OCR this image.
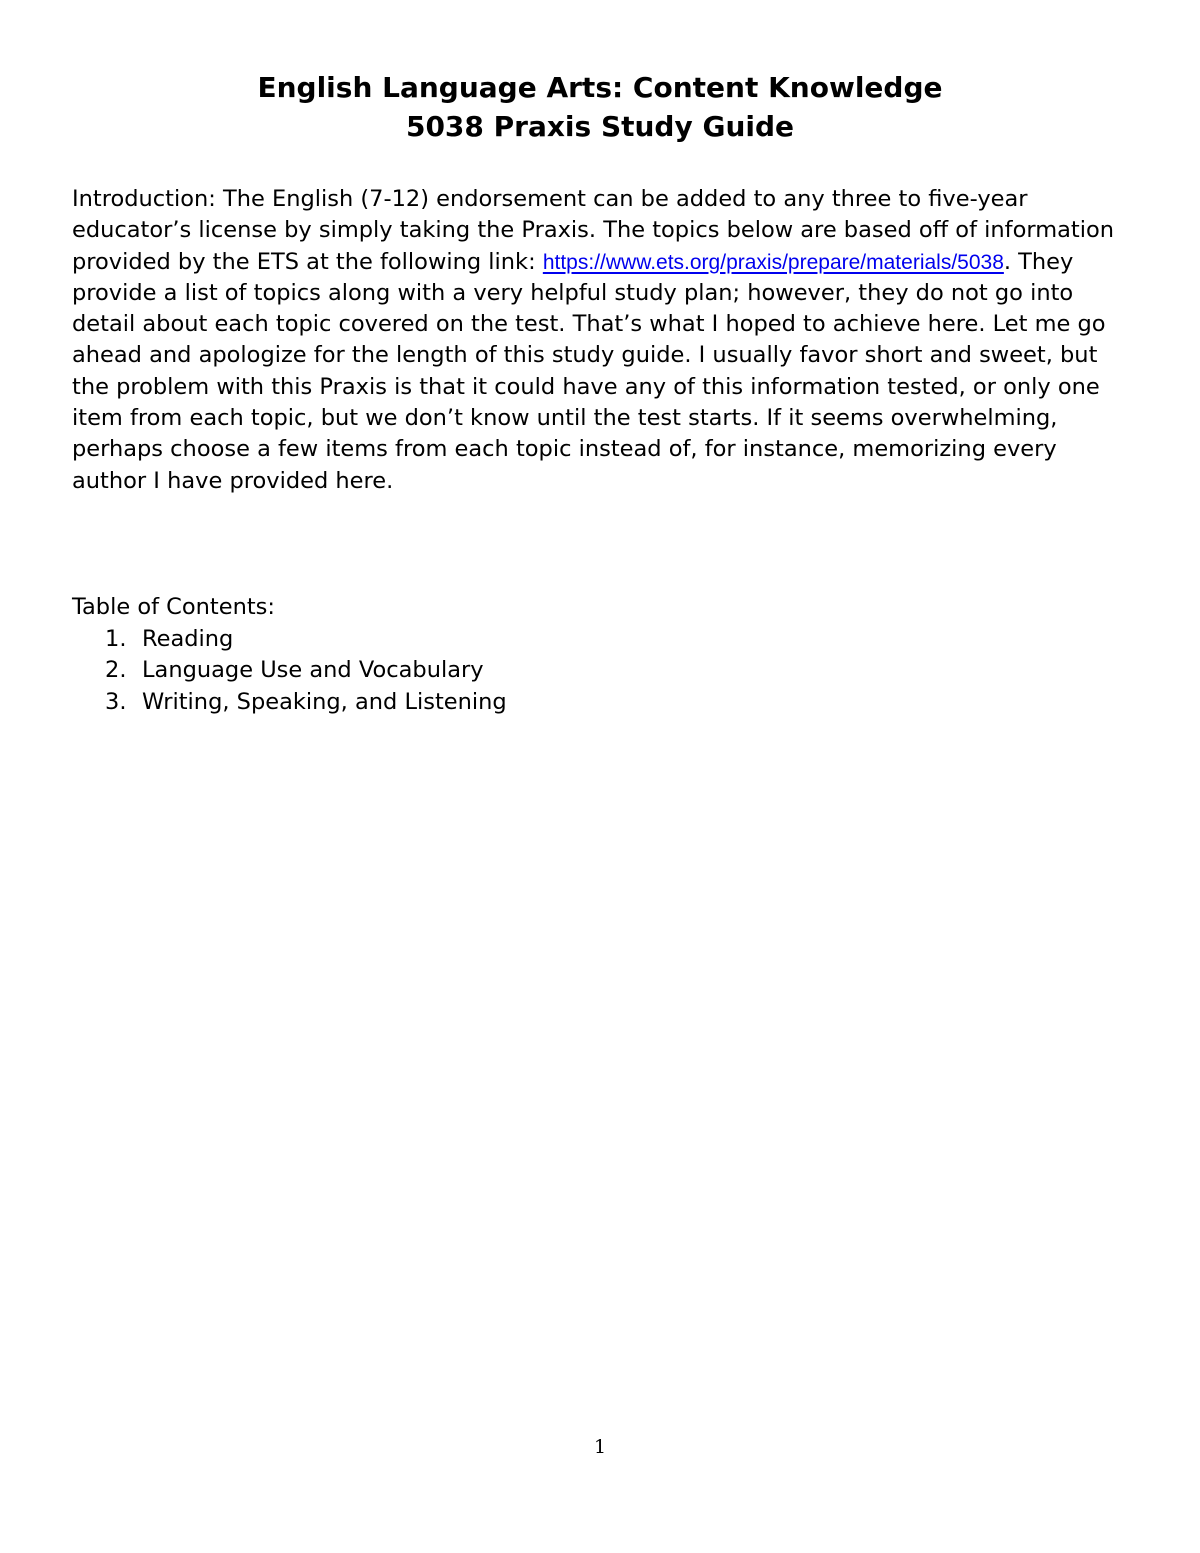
English Language Arts: Content Knowledge

5038 Praxis Study Guide

Introduction: The English (7-12) endorsement can be added to any three to five-year educator’s license by simply taking the Praxis. The topics below are based off of information provided by the ETS at the following link: https://www.ets.org/praxis/prepare/materials/5038. They provide a list of topics along with a very helpful study plan; however, they do not go into detail about each topic covered on the test. That’s what I hoped to achieve here. Let me go ahead and apologize for the length of this study guide. I usually favor short and sweet, but the problem with this Praxis is that it could have any of this information tested, or only one item from each topic, but we don’t know until the test starts. If it seems overwhelming, perhaps choose a few items from each topic instead of, for instance, memorizing every author I have provided here.

Table of Contents:

1. Reading
2. Language Use and Vocabulary
3. Writing, Speaking, and Listening
1
